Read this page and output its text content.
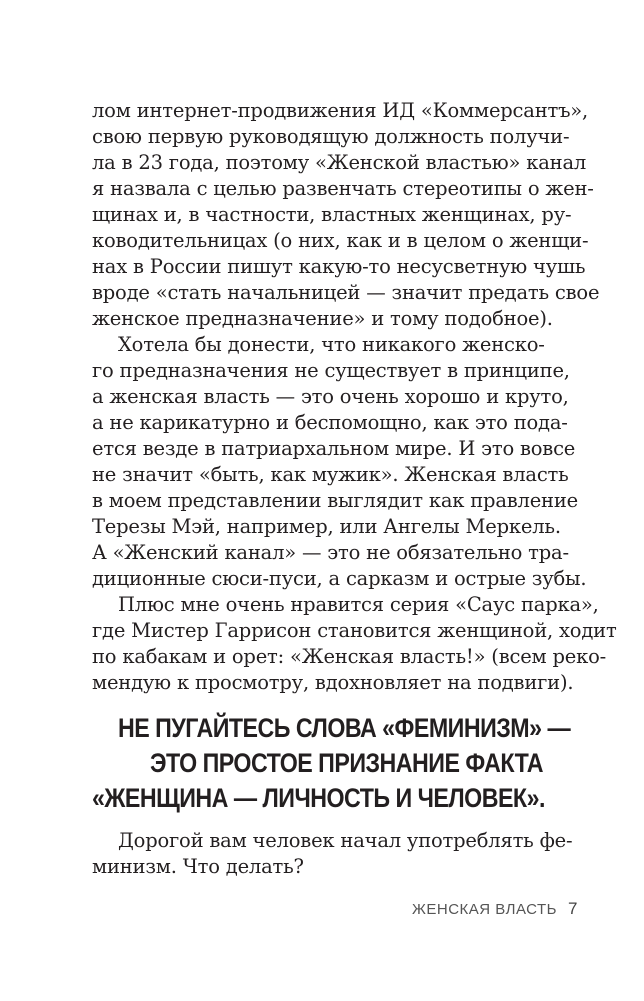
лом интернет-продвижения ИД «Коммерсантъ»,
свою первую руководящую должность получи-
ла в 23 года, поэтому «Женской властью» канал
я назвала с целью развенчать стереотипы о жен-
щинах и, в частности, властных женщинах, ру-
ководительницах (о них, как и в целом о женщи-
нах в России пишут какую-то несусветную чушь
вроде «стать начальницей — значит предать свое
женское предназначение» и тому подобное).
Хотела бы донести, что никакого женско-
го предназначения не существует в принципе,
а женская власть — это очень хорошо и круто,
а не карикатурно и беспомощно, как это пода-
ется везде в патриархальном мире. И это вовсе
не значит «быть, как мужик». Женская власть
в моем представлении выглядит как правление
Терезы Мэй, например, или Ангелы Меркель.
А «Женский канал» — это не обязательно тра-
диционные сюси-пуси, а сарказм и острые зубы.
Плюс мне очень нравится серия «Саус парка»,
где Мистер Гаррисон становится женщиной, ходит
по кабакам и орет: «Женская власть!» (всем реко-
мендую к просмотру, вдохновляет на подвиги).
НЕ ПУГАЙТЕСЬ СЛОВА «ФЕМИНИЗМ» —
ЭТО ПРОСТОЕ ПРИЗНАНИЕ ФАКТА
«ЖЕНЩИНА — ЛИЧНОСТЬ И ЧЕЛОВЕК».
Дорогой вам человек начал употреблять фе-
минизм. Что делать?
ЖЕНСКАЯ ВЛАСТЬ 7
